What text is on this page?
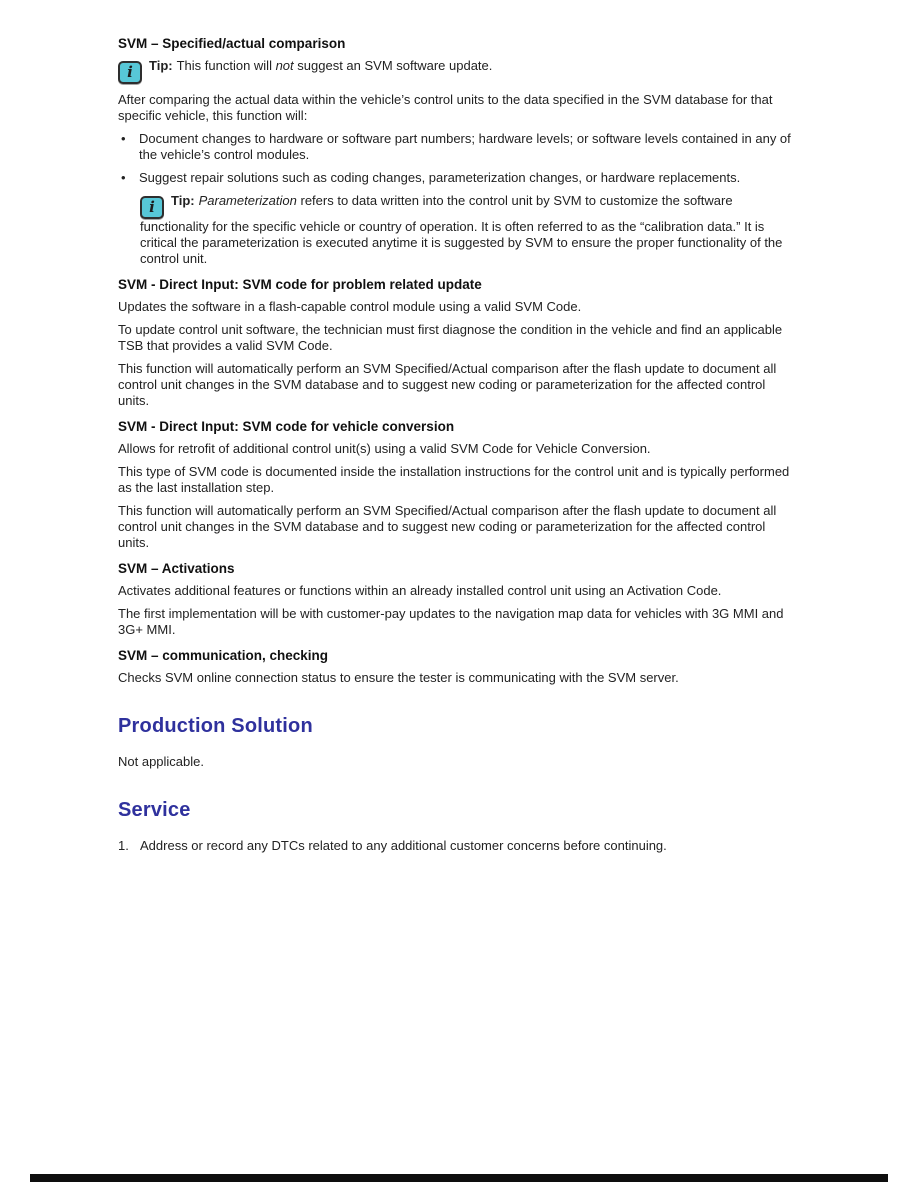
SVM – Specified/actual comparison
i Tip: This function will not suggest an SVM software update.

After comparing the actual data within the vehicle’s control units to the data specified in the SVM database for that specific vehicle, this function will:

•	Document changes to hardware or software part numbers; hardware levels; or software levels contained in any of the vehicle’s control modules.
•	Suggest repair solutions such as coding changes, parameterization changes, or hardware replacements.
i Tip: Parameterization refers to data written into the control unit by SVM to customize the software functionality for the specific vehicle or country of operation. It is often referred to as the “calibration data.” It is critical the parameterization is executed anytime it is suggested by SVM to ensure the proper functionality of the control unit.
SVM - Direct Input: SVM code for problem related update

Updates the software in a flash-capable control module using a valid SVM Code.

To update control unit software, the technician must first diagnose the condition in the vehicle and find an applicable TSB that provides a valid SVM Code.

This function will automatically perform an SVM Specified/Actual comparison after the flash update to document all control unit changes in the SVM database and to suggest new coding or parameterization for the affected control units.

SVM - Direct Input: SVM code for vehicle conversion

Allows for retrofit of additional control unit(s) using a valid SVM Code for Vehicle Conversion.

This type of SVM code is documented inside the installation instructions for the control unit and is typically performed as the last installation step.

This function will automatically perform an SVM Specified/Actual comparison after the flash update to document all control unit changes in the SVM database and to suggest new coding or parameterization for the affected control units.

SVM – Activations

Activates additional features or functions within an already installed control unit using an Activation Code.

The first implementation will be with customer-pay updates to the navigation map data for vehicles with 3G MMI and 3G+ MMI.

SVM – communication, checking

Checks SVM online connection status to ensure the tester is communicating with the SVM server.

Production Solution

Not applicable.

Service
1. Address or record any DTCs related to any additional customer concerns before continuing.
